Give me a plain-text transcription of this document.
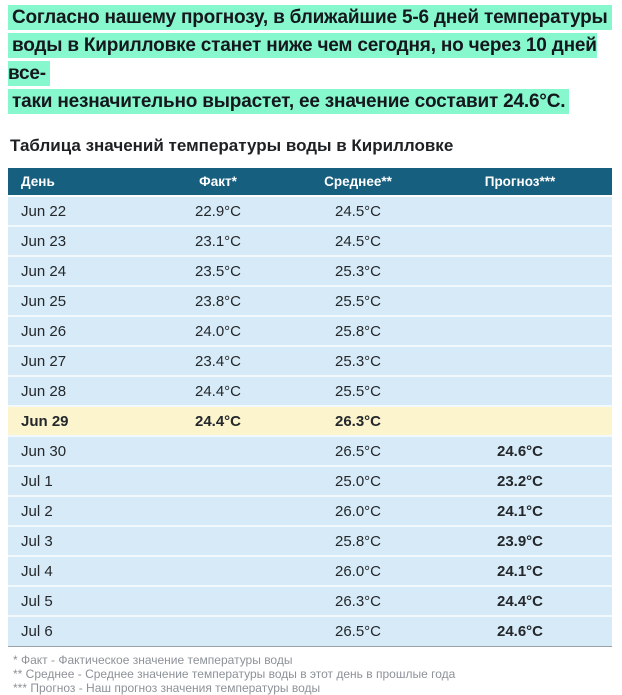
Согласно нашему прогнозу, в ближайшие 5-6 дней температуры
воды в Кирилловке станет ниже чем сегодня, но через 10 дней все-
таки незначительно вырастет, ее значение составит 24.6°C.

Таблица значений температуры воды в Кирилловке
День	Факт*	Среднее**	Прогноз***
Jun 22	22.9°C	24.5°C	
Jun 23	23.1°C	24.5°C	
Jun 24	23.5°C	25.3°C	
Jun 25	23.8°C	25.5°C	
Jun 26	24.0°C	25.8°C	
Jun 27	23.4°C	25.3°C	
Jun 28	24.4°C	25.5°C	
Jun 29	24.4°C	26.3°C	
Jun 30		26.5°C	24.6°C
Jul 1		25.0°C	23.2°C
Jul 2		26.0°C	24.1°C
Jul 3		25.8°C	23.9°C
Jul 4		26.0°C	24.1°C
Jul 5		26.3°C	24.4°C
Jul 6		26.5°C	24.6°C
* Факт - Фактическое значение температуры воды
** Среднее - Среднее значение температуры воды в этот день в прошлые года
*** Прогноз - Наш прогноз значения температуры воды
